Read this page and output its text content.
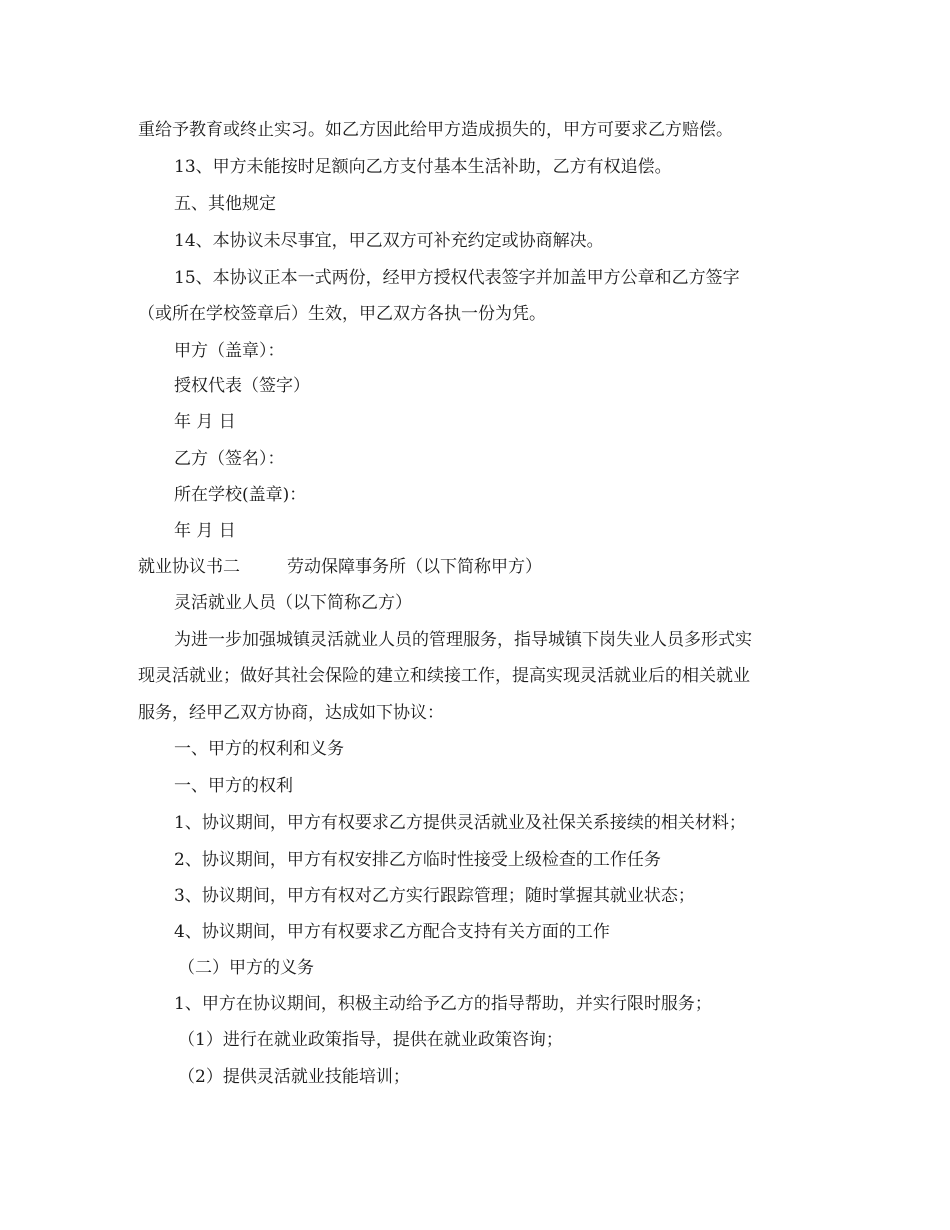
重给予教育或终止实习。如乙方因此给甲方造成损失的，甲方可要求乙方赔偿。
13、甲方未能按时足额向乙方支付基本生活补助，乙方有权追偿。
五、其他规定
14、本协议未尽事宜，甲乙双方可补充约定或协商解决。
15、本协议正本一式两份，经甲方授权代表签字并加盖甲方公章和乙方签字
（或所在学校签章后）生效，甲乙双方各执一份为凭。
甲方（盖章）：
授权代表（签字）
年 月 日
乙方（签名）：
所在学校(盖章)：
年 月 日
就业协议书二	劳动保障事务所（以下简称甲方）
灵活就业人员（以下简称乙方）
为进一步加强城镇灵活就业人员的管理服务，指导城镇下岗失业人员多形式实
现灵活就业；做好其社会保险的建立和续接工作，提高实现灵活就业后的相关就业
服务，经甲乙双方协商，达成如下协议：
一、甲方的权利和义务
一、甲方的权利
1、协议期间，甲方有权要求乙方提供灵活就业及社保关系接续的相关材料；
2、协议期间，甲方有权安排乙方临时性接受上级检查的工作任务
3、协议期间，甲方有权对乙方实行跟踪管理；随时掌握其就业状态；
4、协议期间，甲方有权要求乙方配合支持有关方面的工作
（二）甲方的义务
1、甲方在协议期间，积极主动给予乙方的指导帮助，并实行限时服务；
（1）进行在就业政策指导，提供在就业政策咨询；
（2）提供灵活就业技能培训；
